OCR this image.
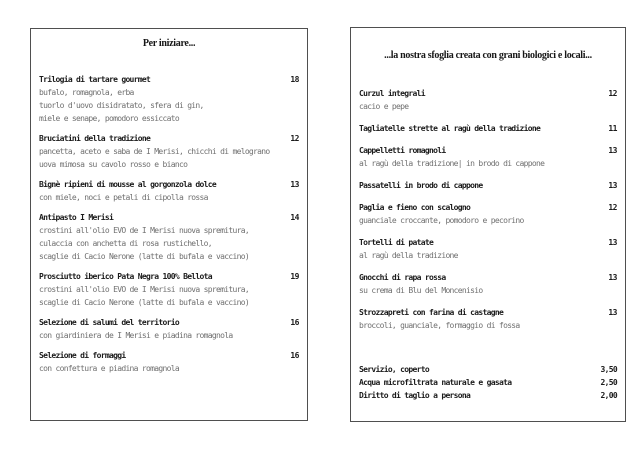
Per iniziare...
Trilogia di tartare gourmet	18
bufalo, romagnola, erba
tuorlo d'uovo disidratato, sfera di gin,
miele e senape, pomodoro essiccato
Bruciatini della tradizione	12
pancetta, aceto e saba de I Merisi, chicchi di melograno
uova mimosa su cavolo rosso e bianco
Bignè ripieni di mousse al gorgonzola dolce	13
con miele, noci e petali di cipolla rossa
Antipasto I Merisi	14
crostini all'olio EVO de I Merisi nuova spremitura,
culaccia con anchetta di rosa rustichello,
scaglie di Cacio Nerone (latte di bufala e vaccino)
Prosciutto iberico Pata Negra 100% Bellota	19
crostini all'olio EVO de I Merisi nuova spremitura,
scaglie di Cacio Nerone (latte di bufala e vaccino)
Selezione di salumi del territorio	16
con giardiniera de I Merisi e piadina romagnola
Selezione di formaggi	16
con confettura e piadina romagnola
...la nostra sfoglia creata con grani biologici e locali...
Curzul integrali	12
cacio e pepe
Tagliatelle strette al ragù della tradizione	11
Cappelletti romagnoli	13
al ragù della tradizione| in brodo di cappone
Passatelli in brodo di cappone	13
Paglia e fieno con scalogno	12
guanciale croccante, pomodoro e pecorino
Tortelli di patate	13
al ragù della tradizione
Gnocchi di rapa rossa	13
su crema di Blu del Moncenisio
Strozzapreti con farina di castagne	13
broccoli, guanciale, formaggio di fossa
Servizio, coperto	3,50
Acqua microfiltrata naturale e gasata	2,50
Diritto di taglio a persona	2,00
